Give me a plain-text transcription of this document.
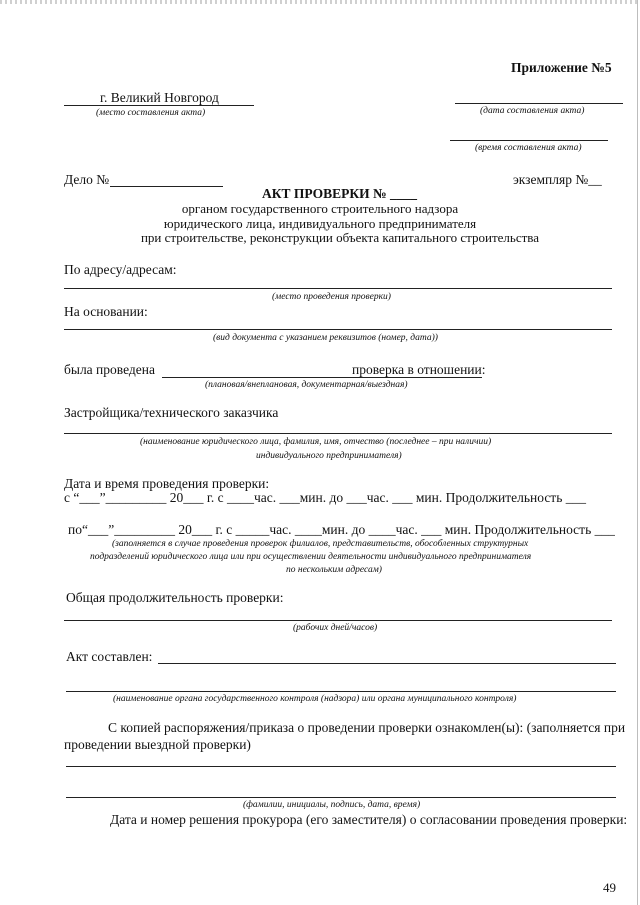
Приложение №5
г. Великий Новгород
(место составления акта)	(дата составления акта)
(время составления акта)
Дело №	экземпляр №__
АКТ ПРОВЕРКИ № ____
органом государственного строительного надзора
юридического лица, индивидуального предпринимателя
при строительстве, реконструкции объекта капитального строительства
По адресу/адресам:
(место проведения проверки)
На основании:
(вид документа с указанием реквизитов (номер, дата))
была проведена	проверка в отношении:
(плановая/внеплановая, документарная/выездная)
Застройщика/технического заказчика
(наименование юридического лица, фамилия, имя, отчество (последнее – при наличии)
индивидуального предпринимателя)
Дата и время проведения проверки:
с “___”_________ 20___ г. с ____час. ___мин. до ___час. ___ мин. Продолжительность ___
по“___”_________ 20___ г. с _____час. ____мин. до ____час. ___ мин. Продолжительность ___
(заполняется в случае проведения проверок филиалов, представительств, обособленных структурных
подразделений юридического лица или при осуществлении деятельности индивидуального предпринимателя
по нескольким адресам)
Общая продолжительность проверки:
(рабочих дней/часов)
Акт составлен:
(наименование органа государственного контроля (надзора) или органа муниципального контроля)
С копией распоряжения/приказа о проведении проверки ознакомлен(ы): (заполняется при
проведении выездной проверки)
(фамилии, инициалы, подпись, дата, время)
Дата и номер решения прокурора (его заместителя) о согласовании проведения проверки:
49
